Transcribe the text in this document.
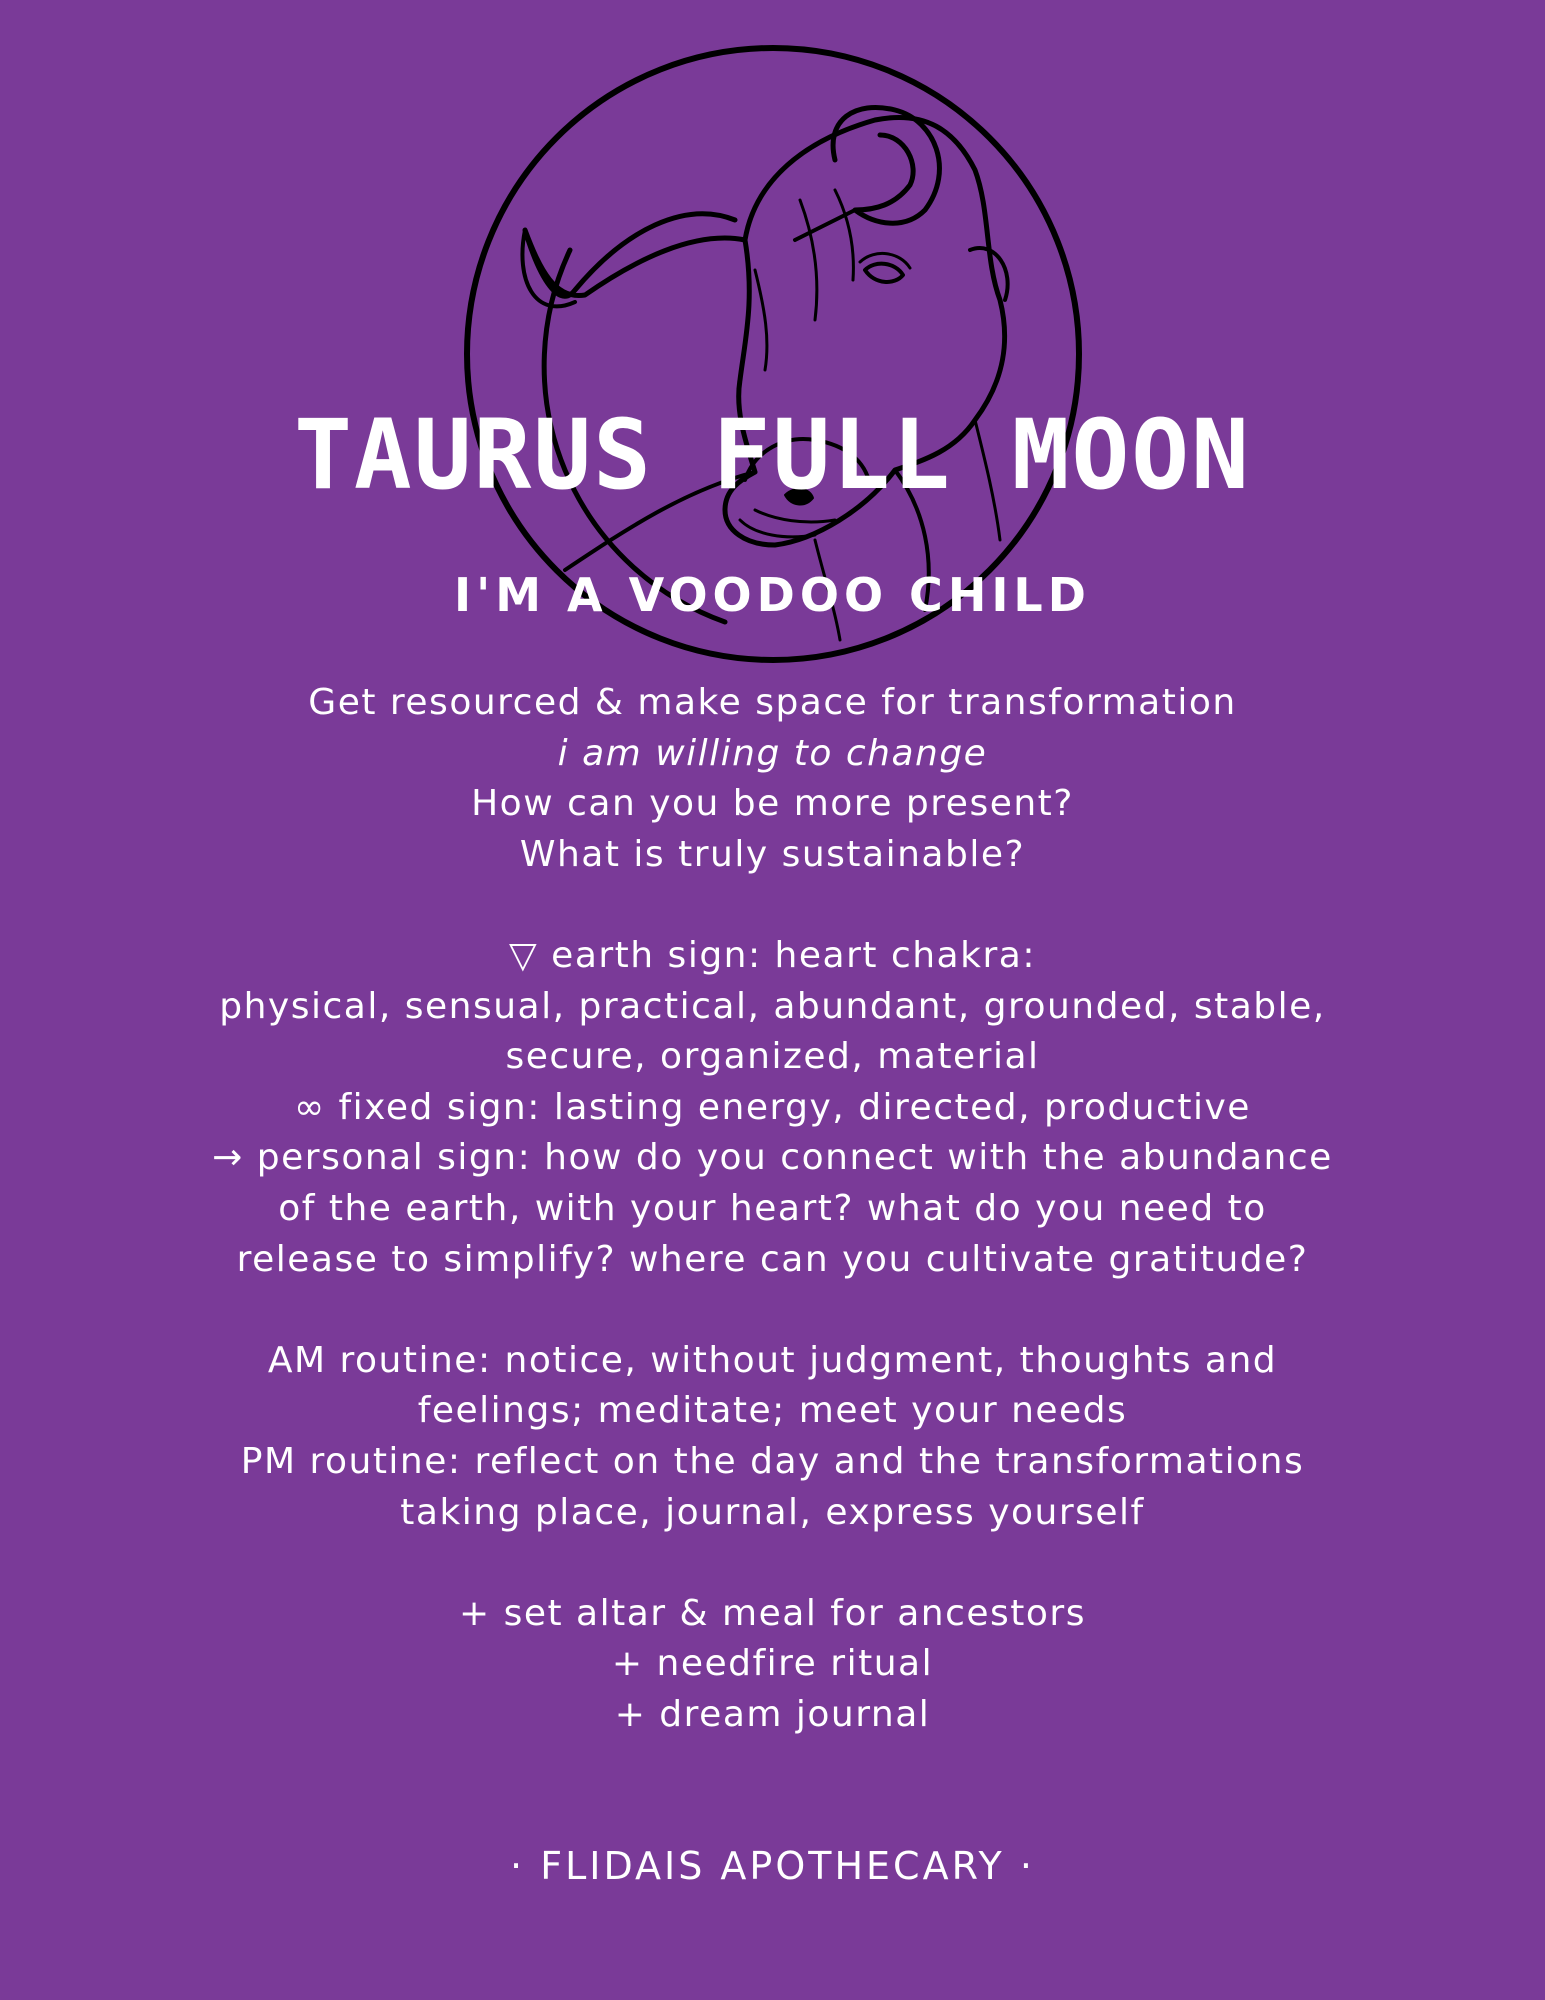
TAURUS FULL MOON
I'M A VOODOO CHILD
Get resourced & make space for transformation
i am willing to change
How can you be more present?
What is truly sustainable?
▽ earth sign: heart chakra:
physical, sensual, practical, abundant, grounded, stable,
secure, organized, material
∞ fixed sign: lasting energy, directed, productive
→ personal sign: how do you connect with the abundance
of the earth, with your heart? what do you need to
release to simplify? where can you cultivate gratitude?
AM routine: notice, without judgment, thoughts and
feelings; meditate; meet your needs
PM routine: reflect on the day and the transformations
taking place, journal, express yourself
+ set altar & meal for ancestors
+ needfire ritual
+ dream journal
· FLIDAIS APOTHECARY ·
